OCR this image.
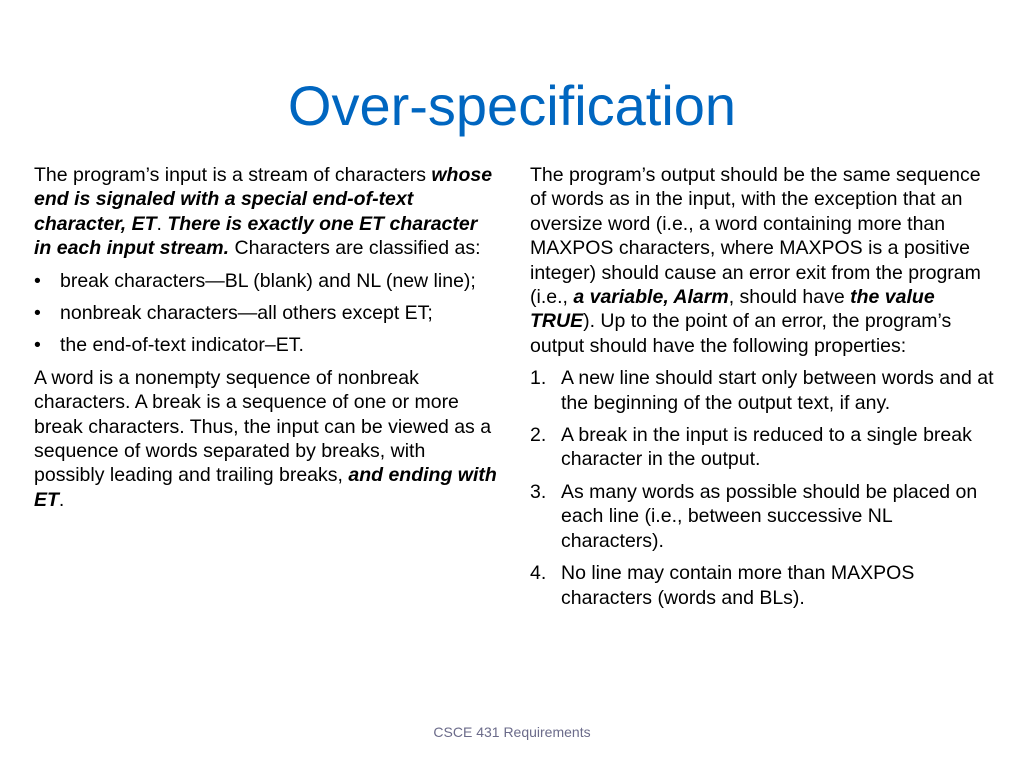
Over-specification

The program’s input is a stream of characters whose end is signaled with a special end-of-text character, ET. There is exactly one ET character in each input stream. Characters are classified as:

• break characters—BL (blank) and NL (new line);
• nonbreak characters—all others except ET;
• the end-of-text indicator–ET.

A word is a nonempty sequence of nonbreak characters. A break is a sequence of one or more break characters. Thus, the input can be viewed as a sequence of words separated by breaks, with possibly leading and trailing breaks, and ending with ET.

The program’s output should be the same sequence of words as in the input, with the exception that an oversize word (i.e., a word containing more than MAXPOS characters, where MAXPOS is a positive integer) should cause an error exit from the program (i.e., a variable, Alarm, should have the value TRUE). Up to the point of an error, the program’s output should have the following properties:

1. A new line should start only between words and at the beginning of the output text, if any.
2. A break in the input is reduced to a single break character in the output.
3. As many words as possible should be placed on each line (i.e., between successive NL characters).
4. No line may contain more than MAXPOS characters (words and BLs).
CSCE 431 Requirements
